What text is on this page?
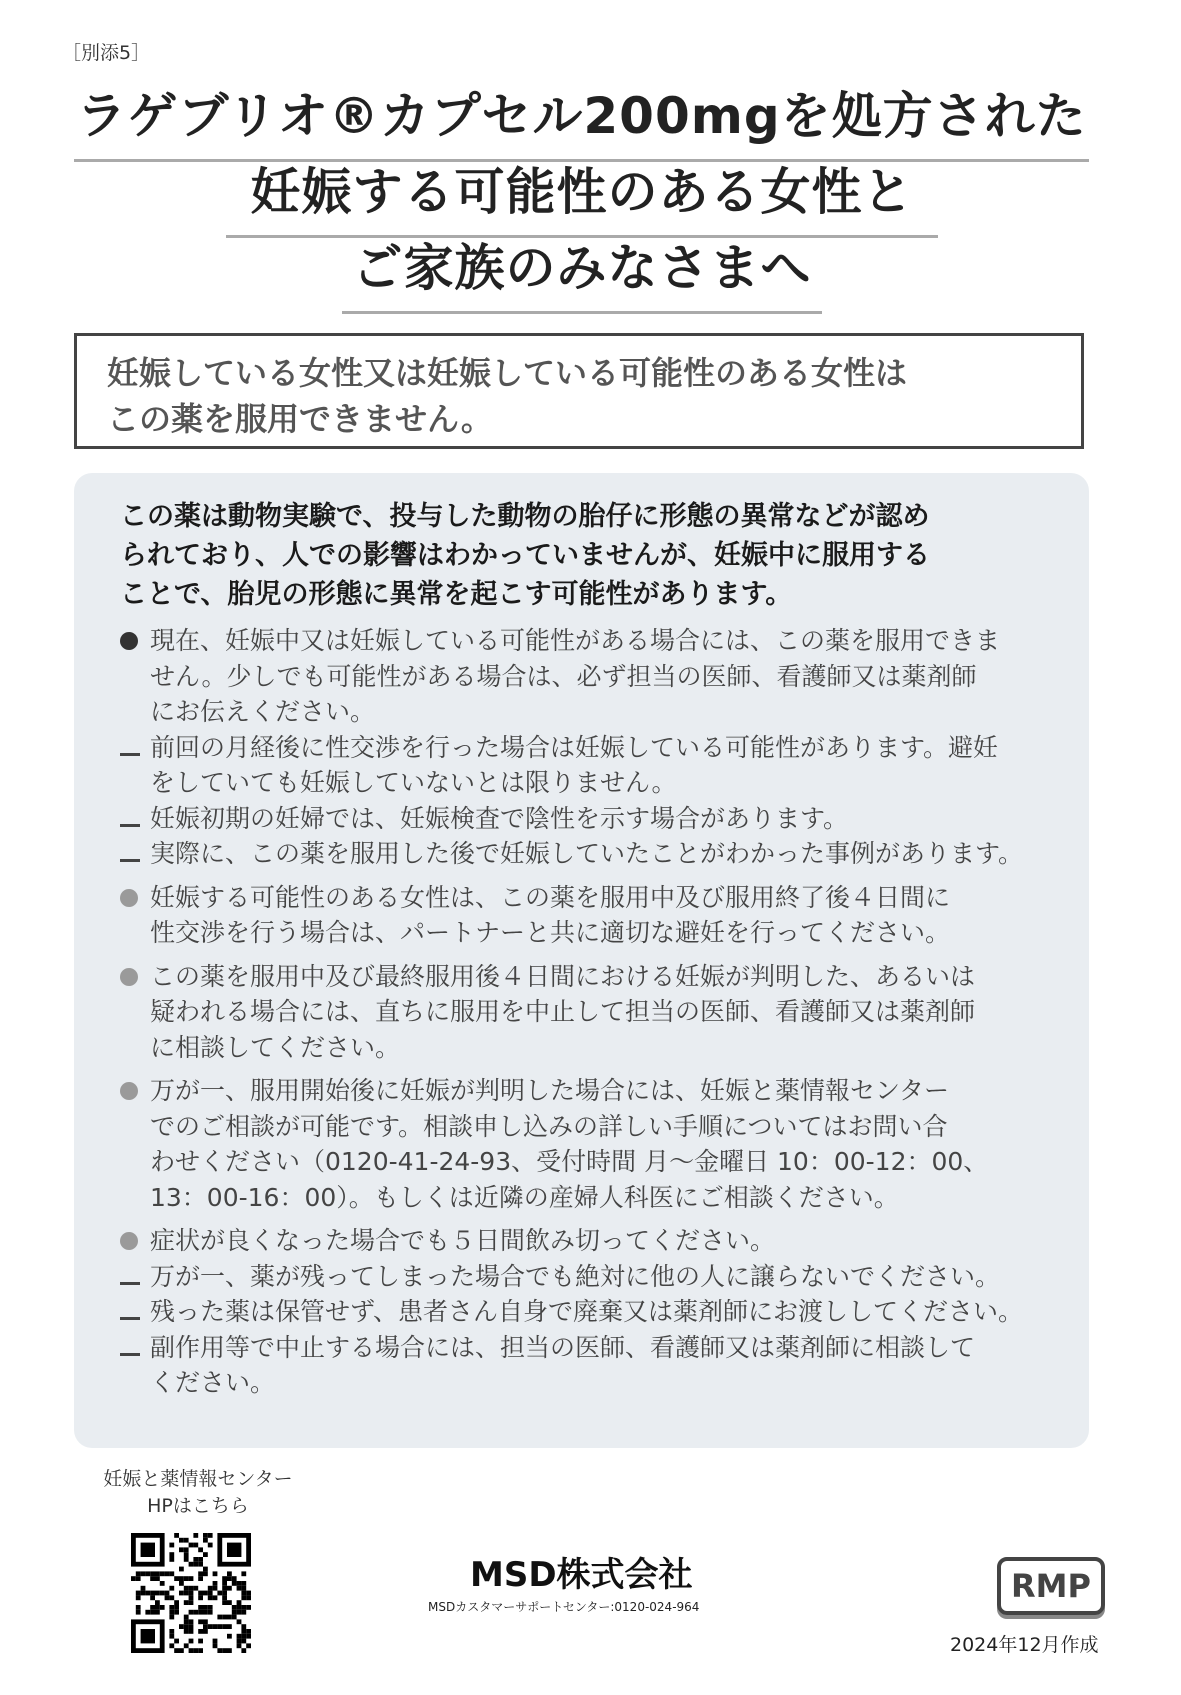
［別添5］
ラゲブリオ®カプセル200mgを処方された
妊娠する可能性のある女性と
ご家族のみなさまへ
妊娠している女性又は妊娠している可能性のある女性は
この薬を服用できません。
この薬は動物実験で、投与した動物の胎仔に形態の異常などが認め
られており、人での影響はわかっていませんが、妊娠中に服用する
ことで、胎児の形態に異常を起こす可能性があります。
現在、妊娠中又は妊娠している可能性がある場合には、この薬を服用できま
せん。少しでも可能性がある場合は、必ず担当の医師、看護師又は薬剤師
にお伝えください。
前回の月経後に性交渉を行った場合は妊娠している可能性があります。避妊
をしていても妊娠していないとは限りません。
妊娠初期の妊婦では、妊娠検査で陰性を示す場合があります。
実際に、この薬を服用した後で妊娠していたことがわかった事例があります。
妊娠する可能性のある女性は、この薬を服用中及び服用終了後４日間に
性交渉を行う場合は、パートナーと共に適切な避妊を行ってください。
この薬を服用中及び最終服用後４日間における妊娠が判明した、あるいは
疑われる場合には、直ちに服用を中止して担当の医師、看護師又は薬剤師
に相談してください。
万が一、服用開始後に妊娠が判明した場合には、妊娠と薬情報センター
でのご相談が可能です。相談申し込みの詳しい手順についてはお問い合
わせください（0120-41-24-93、受付時間 月～金曜日 10：00-12：00、
13：00-16：00）。もしくは近隣の産婦人科医にご相談ください。
症状が良くなった場合でも５日間飲み切ってください。
万が一、薬が残ってしまった場合でも絶対に他の人に譲らないでください。
残った薬は保管せず、患者さん自身で廃棄又は薬剤師にお渡ししてください。
副作用等で中止する場合には、担当の医師、看護師又は薬剤師に相談して
ください。
妊娠と薬情報センター
HPはこちら
MSD株式会社
MSDカスタマーサポートセンター:0120-024-964
RMP
2024年12月作成
